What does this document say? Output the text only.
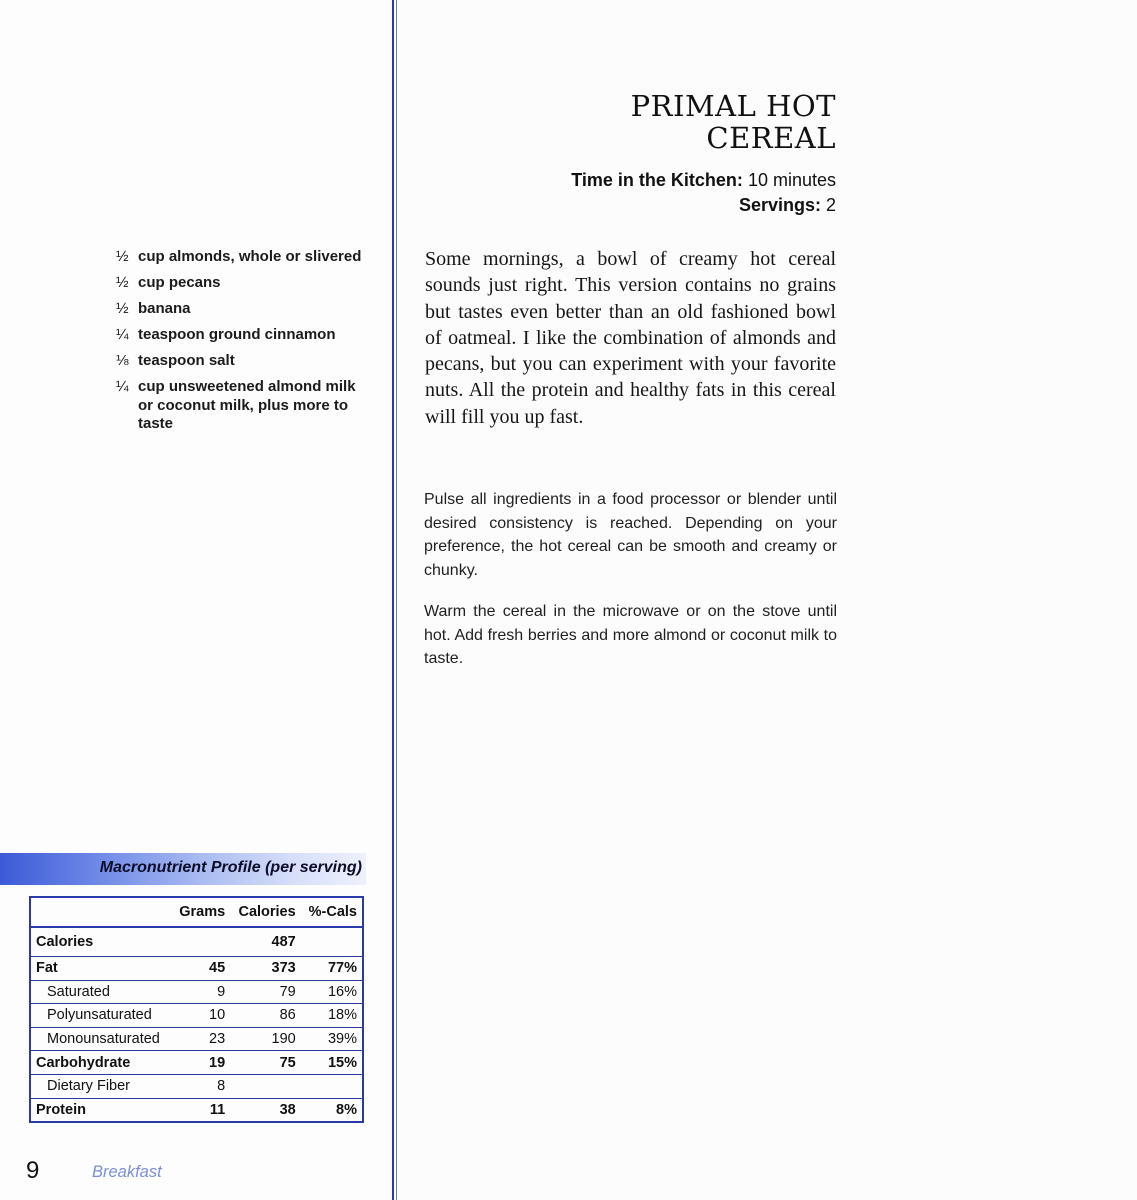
½ cup almonds, whole or slivered
½ cup pecans
½ banana
¼ teaspoon ground cinnamon
⅛ teaspoon salt
¼ cup unsweetened almond milk or coconut milk, plus more to taste
Macronutrient Profile (per serving)
	Grams	Calories	%-Cals
Calories		487	
Fat	45	373	77%
Saturated	9	79	16%
Polyunsaturated	10	86	18%
Monounsaturated	23	190	39%
Carbohydrate	19	75	15%
Dietary Fiber	8		
Protein	11	38	8%
9	Breakfast
PRIMAL HOT CEREAL
Time in the Kitchen: 10 minutes
Servings: 2

Some mornings, a bowl of creamy hot cereal sounds just right. This version contains no grains but tastes even better than an old fashioned bowl of oatmeal. I like the combination of almonds and pecans, but you can experiment with your favorite nuts. All the protein and healthy fats in this cereal will fill you up fast.

Pulse all ingredients in a food processor or blender until desired consistency is reached. Depending on your preference, the hot cereal can be smooth and creamy or chunky.

Warm the cereal in the microwave or on the stove until hot. Add fresh berries and more almond or coconut milk to taste.
